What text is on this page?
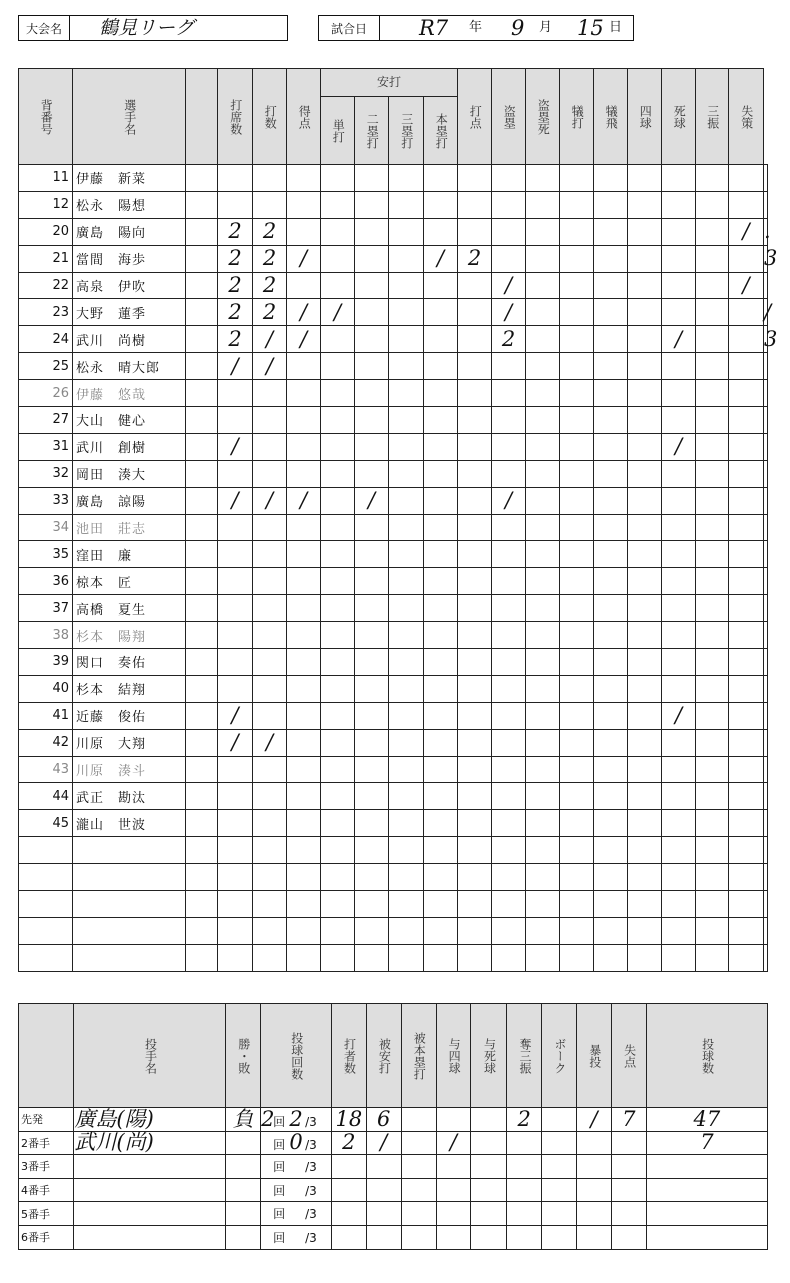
大会名	鶴見リーグ	試合日	R7 年 9 月 15 日
背番号	選手名		打席数	打数	得点	安打				打点	盗塁	盗塁死	犠打	犠飛	四球	死球	三振	失策	
						単打	二塁打	三塁打	本塁打										
11	伊藤　新菜																		
12	松永　陽想																		
20	廣島　陽向		2	2														/	.
21	當間　海歩		2	2	/				/	2									3
22	高泉　伊吹		2	2							/							/	
23	大野　蓮季		2	2	/	/					/								/
24	武川　尚樹		2	/	/						2					/			3
25	松永　晴大郎		/	/															
26	伊藤　悠哉																		
27	大山　健心																		
31	武川　創樹		/													/			
32	岡田　湊大																		
33	廣島　諒陽		/	/	/		/				/								
34	池田　莊志																		
35	窪田　廉																		
36	椋本　匠																		
37	高橋　夏生																		
38	杉本　陽翔																		
39	関口　奏佑																		
40	杉本　結翔																		
41	近藤　俊佑		/													/			
42	川原　大翔		/	/															
43	川原　湊斗																		
44	武正　勘汰																		
45	瀧山　世波																		

	投手名	勝・敗	投球回数	打者数	被安打	被本塁打	与四球	与死球	奪三振	ボーク	暴投	失点	投球数
先発	廣島(陽)	負	2回 2 /3	18	6				2		/	7	47
2番手	武川(尚)		回 0 /3	2	/		/						7
3番手			回 /3										
4番手			回 /3										
5番手			回 /3										
6番手			回 /3										
